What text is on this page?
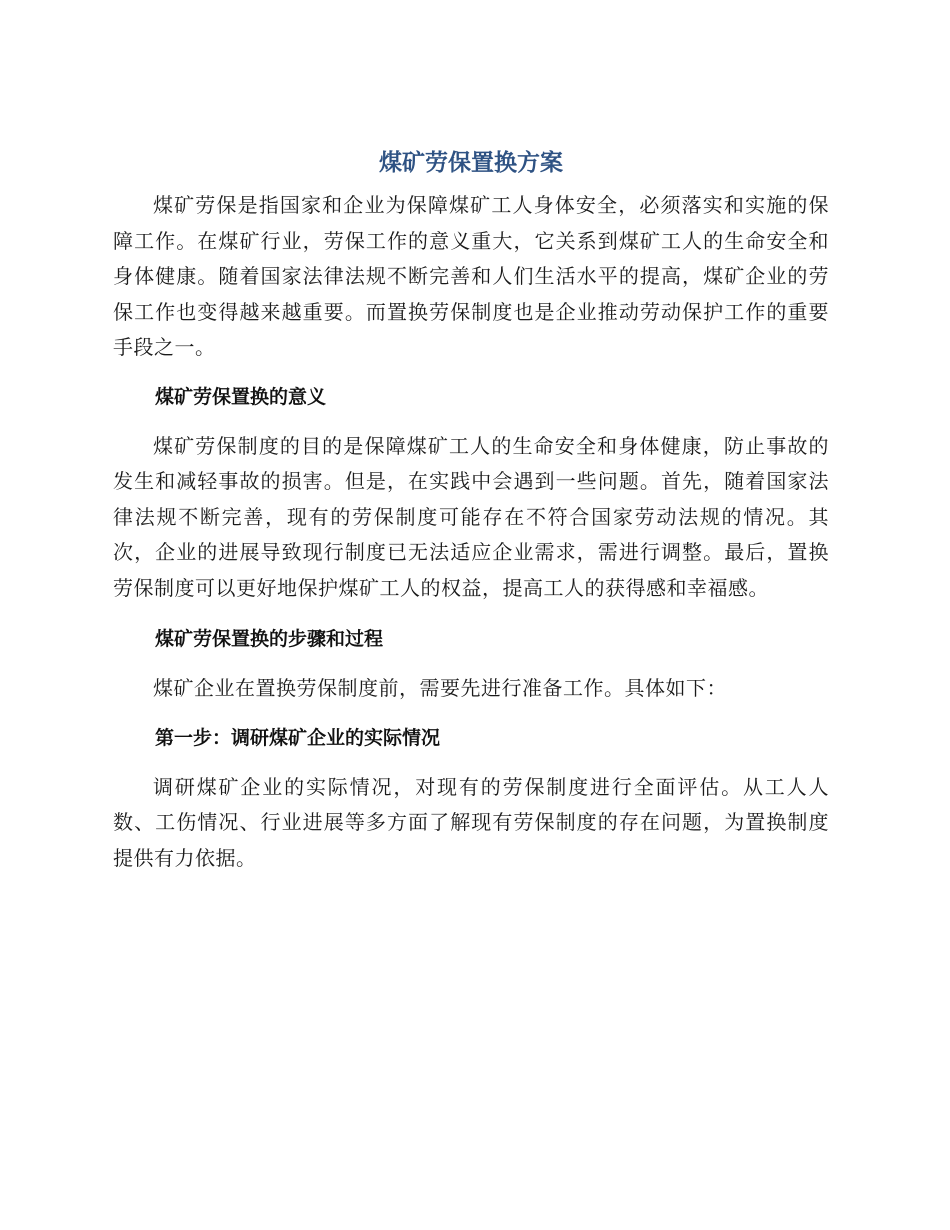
煤矿劳保置换方案

煤矿劳保是指国家和企业为保障煤矿工人身体安全，必须落实和实施的保障工作。在煤矿行业，劳保工作的意义重大，它关系到煤矿工人的生命安全和身体健康。随着国家法律法规不断完善和人们生活水平的提高，煤矿企业的劳保工作也变得越来越重要。而置换劳保制度也是企业推动劳动保护工作的重要手段之一。

煤矿劳保置换的意义

煤矿劳保制度的目的是保障煤矿工人的生命安全和身体健康，防止事故的发生和减轻事故的损害。但是，在实践中会遇到一些问题。首先，随着国家法律法规不断完善，现有的劳保制度可能存在不符合国家劳动法规的情况。其次，企业的进展导致现行制度已无法适应企业需求，需进行调整。最后，置换劳保制度可以更好地保护煤矿工人的权益，提高工人的获得感和幸福感。

煤矿劳保置换的步骤和过程

煤矿企业在置换劳保制度前，需要先进行准备工作。具体如下：

第一步：调研煤矿企业的实际情况

调研煤矿企业的实际情况，对现有的劳保制度进行全面评估。从工人人数、工伤情况、行业进展等多方面了解现有劳保制度的存在问题，为置换制度提供有力依据。
